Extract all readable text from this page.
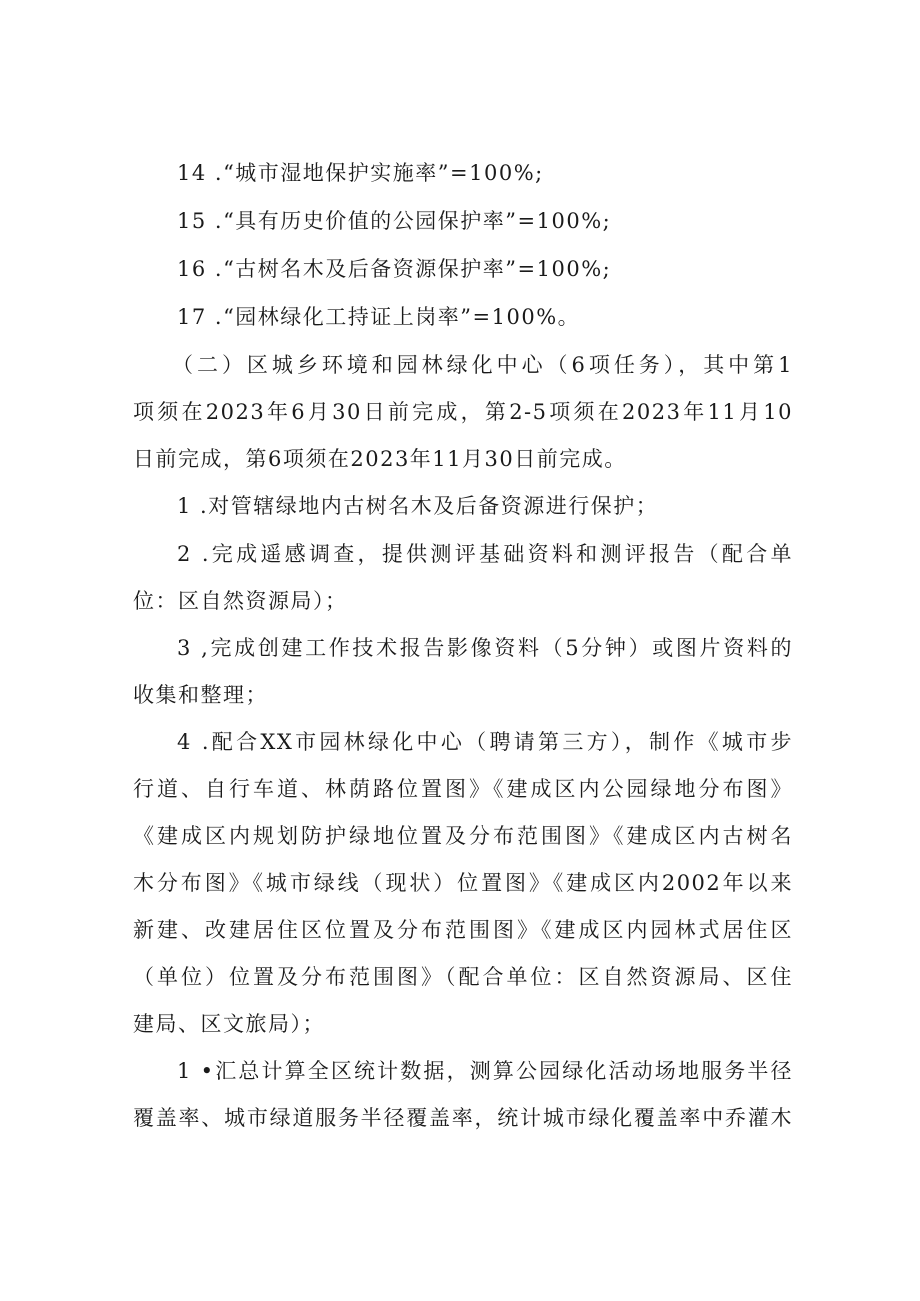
14 .“城市湿地保护实施率”=100%;
15 .“具有历史价值的公园保护率”=100%;
16 .“古树名木及后备资源保护率”=100%;
17 .“园林绿化工持证上岗率”=100%。
（二）区城乡环境和园林绿化中心（6项任务），其中第1
项须在2023年6月30日前完成，第2-5项须在2023年11月10
日前完成，第6项须在2023年11月30日前完成。
1 .对管辖绿地内古树名木及后备资源进行保护；
2 .完成遥感调查，提供测评基础资料和测评报告（配合单
位：区自然资源局）；
3 ,完成创建工作技术报告影像资料（5分钟）或图片资料的
收集和整理；
4 .配合XX市园林绿化中心（聘请第三方），制作《城市步
行道、自行车道、林荫路位置图》《建成区内公园绿地分布图》
《建成区内规划防护绿地位置及分布范围图》《建成区内古树名
木分布图》《城市绿线（现状）位置图》《建成区内2002年以来
新建、改建居住区位置及分布范围图》《建成区内园林式居住区
（单位）位置及分布范围图》（配合单位：区自然资源局、区住
建局、区文旅局）；
1 •汇总计算全区统计数据，测算公园绿化活动场地服务半径
覆盖率、城市绿道服务半径覆盖率，统计城市绿化覆盖率中乔灌木
